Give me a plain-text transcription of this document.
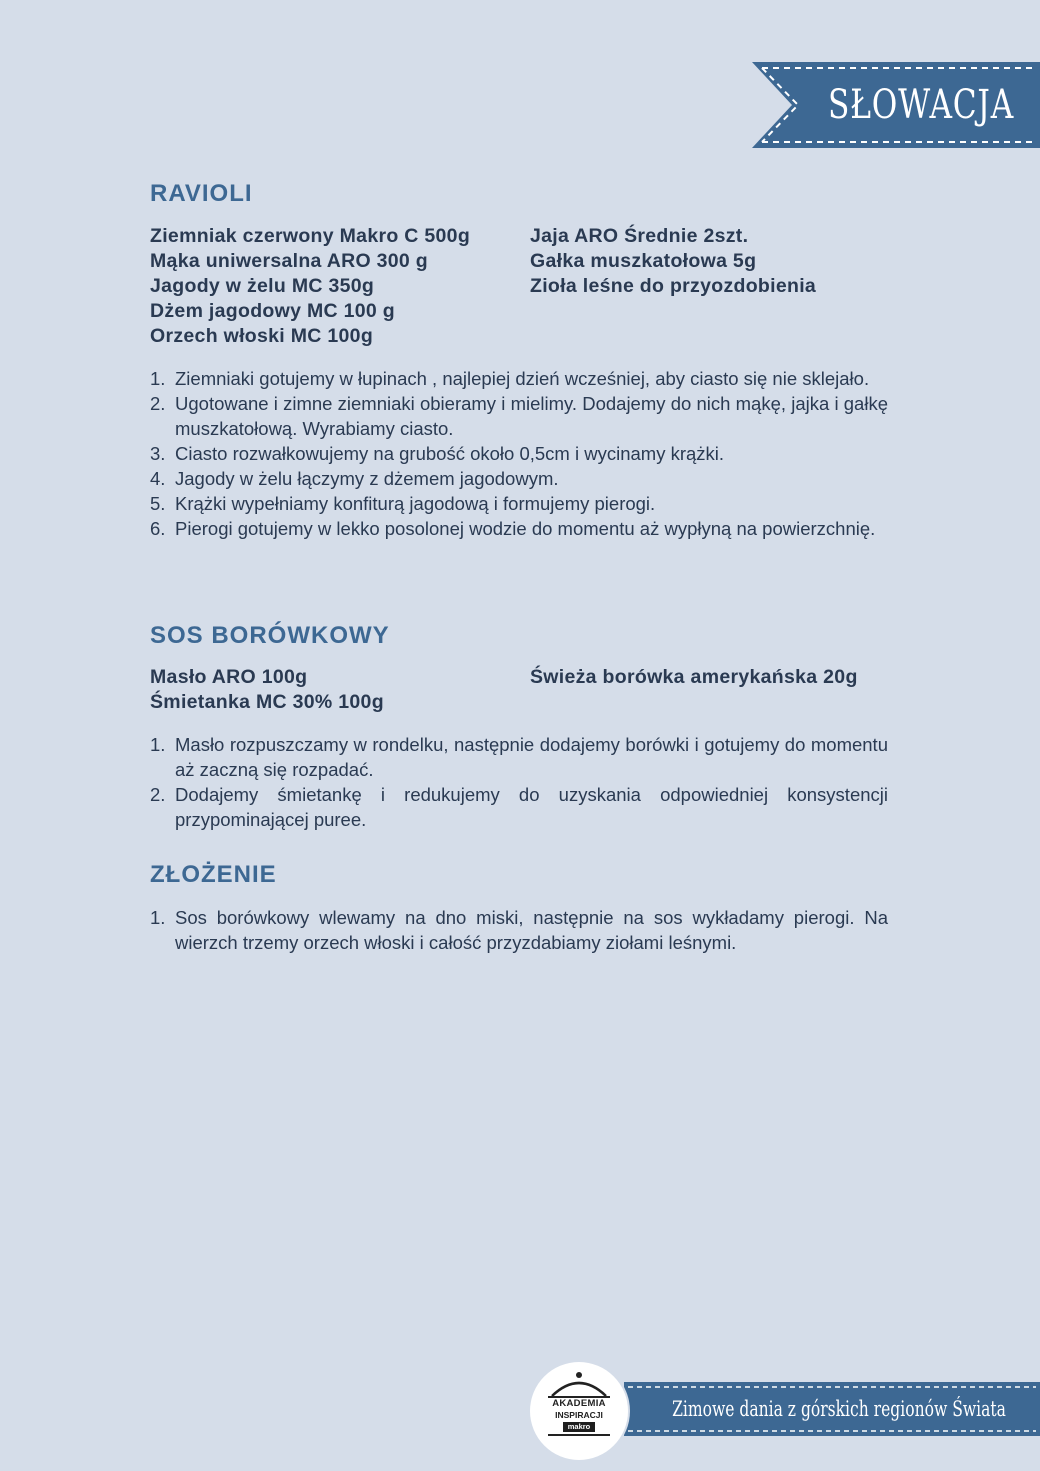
SŁOWACJA
RAVIOLI
Ziemniak czerwony Makro C 500g
Mąka uniwersalna ARO 300 g
Jagody w żelu MC 350g
Dżem jagodowy MC 100 g
Orzech włoski MC 100g
Jaja ARO Średnie 2szt.
Gałka muszkatołowa 5g
Zioła leśne do przyozdobienia
1. Ziemniaki gotujemy w łupinach , najlepiej dzień wcześniej, aby ciasto się nie sklejało.
2. Ugotowane i zimne ziemniaki obieramy i mielimy. Dodajemy do nich mąkę, jajka i gałkę muszkatołową. Wyrabiamy ciasto.
3. Ciasto rozwałkowujemy na grubość około 0,5cm i wycinamy krążki.
4. Jagody w żelu łączymy z dżemem jagodowym.
5. Krążki wypełniamy konfiturą jagodową i formujemy pierogi.
6. Pierogi gotujemy w lekko posolonej wodzie do momentu aż wypłyną na powierzchnię.
SOS BORÓWKOWY
Masło ARO 100g
Śmietanka MC 30% 100g
Świeża borówka amerykańska 20g
1. Masło rozpuszczamy w rondelku, następnie dodajemy borówki i gotujemy do momentu aż zaczną się rozpadać.
2. Dodajemy śmietankę i redukujemy do uzyskania odpowiedniej konsystencji przypominającej puree.
ZŁOŻENIE
1. Sos borówkowy wlewamy na dno miski, następnie na sos wykładamy pierogi. Na wierzch trzemy orzech włoski i całość przyzdabiamy ziołami leśnymi.
Zimowe dania z górskich regionów Świata
AKADEMIA
INSPIRACJI
makro
